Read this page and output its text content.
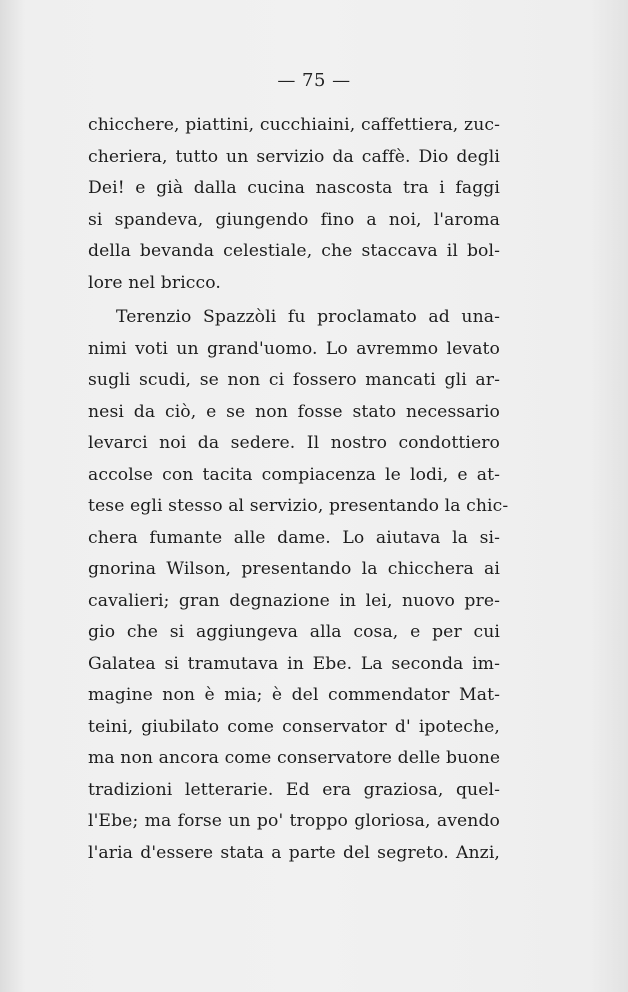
— 75 —
chicchere, piattini, cucchiaini, caffettiera, zuc-
cheriera, tutto un servizio da caffè. Dio degli
Dei! e già dalla cucina nascosta tra i faggi
si spandeva, giungendo fino a noi, l'aroma
della bevanda celestiale, che staccava il bol-
lore nel bricco.
Terenzio Spazzòli fu proclamato ad una-
nimi voti un grand'uomo. Lo avremmo levato
sugli scudi, se non ci fossero mancati gli ar-
nesi da ciò, e se non fosse stato necessario
levarci noi da sedere. Il nostro condottiero
accolse con tacita compiacenza le lodi, e at-
tese egli stesso al servizio, presentando la chic-
chera fumante alle dame. Lo aiutava la si-
gnorina Wilson, presentando la chicchera ai
cavalieri; gran degnazione in lei, nuovo pre-
gio che si aggiungeva alla cosa, e per cui
Galatea si tramutava in Ebe. La seconda im-
magine non è mia; è del commendator Mat-
teini, giubilato come conservator d' ipoteche,
ma non ancora come conservatore delle buone
tradizioni letterarie. Ed era graziosa, quel-
l'Ebe; ma forse un po' troppo gloriosa, avendo
l'aria d'essere stata a parte del segreto. Anzi,
